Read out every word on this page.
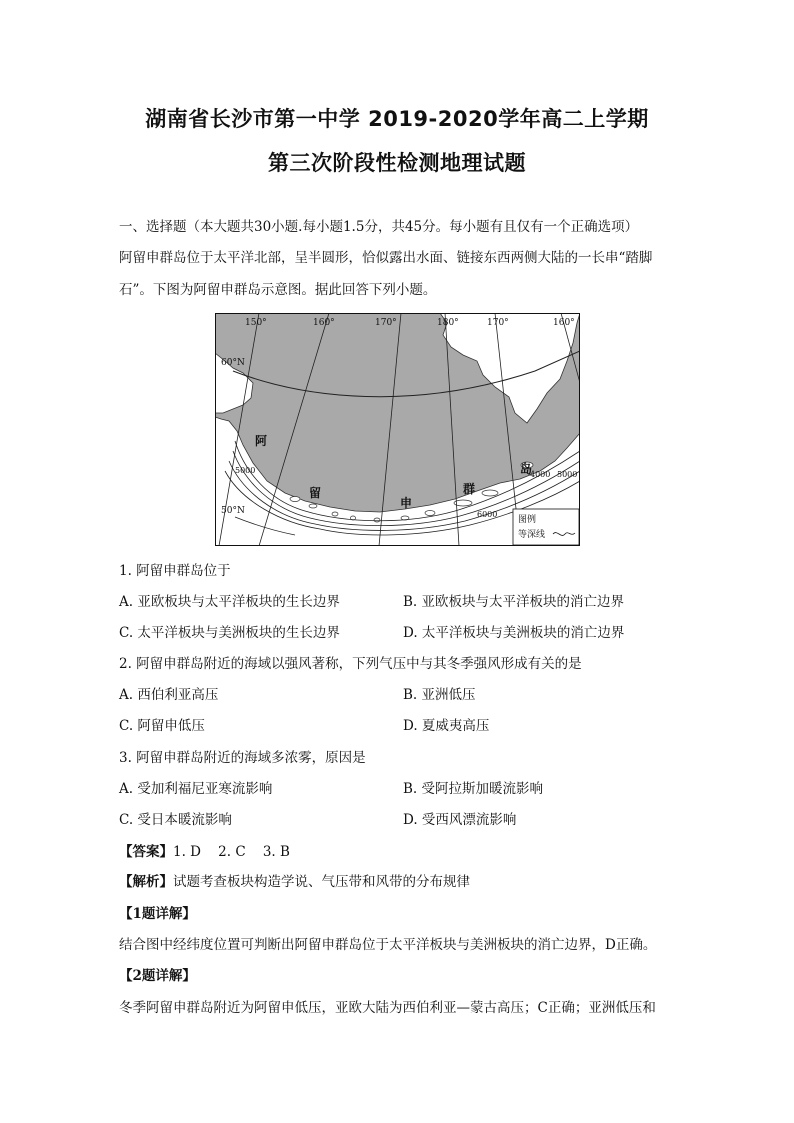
湖南省长沙市第一中学 2019-2020学年高二上学期
第三次阶段性检测地理试题
一、选择题（本大题共30小题.每小题1.5分，共45分。每小题有且仅有一个正确选项）
阿留申群岛位于太平洋北部，呈半圆形，恰似露出水面、链接东西两侧大陆的一长串“踏脚
石”。下图为阿留申群岛示意图。据此回答下列小题。
150°	160°	170°	180°	170°	160°
60°N
50°N
5000	4000 5000
6000
阿
留
申
群
岛
图例
等深线
1. 阿留申群岛位于
A. 亚欧板块与太平洋板块的生长边界	B. 亚欧板块与太平洋板块的消亡边界
C. 太平洋板块与美洲板块的生长边界	D. 太平洋板块与美洲板块的消亡边界
2. 阿留申群岛附近的海域以强风著称，下列气压中与其冬季强风形成有关的是
A. 西伯利亚高压	B. 亚洲低压
C. 阿留申低压	D. 夏威夷高压
3. 阿留申群岛附近的海域多浓雾，原因是
A. 受加利福尼亚寒流影响	B. 受阿拉斯加暖流影响
C. 受日本暖流影响	D. 受西风漂流影响
【答案】1. D    2. C    3. B
【解析】试题考查板块构造学说、气压带和风带的分布规律
【1题详解】
结合图中经纬度位置可判断出阿留申群岛位于太平洋板块与美洲板块的消亡边界，D正确。
【2题详解】
冬季阿留申群岛附近为阿留申低压，亚欧大陆为西伯利亚—蒙古高压；C正确；亚洲低压和
